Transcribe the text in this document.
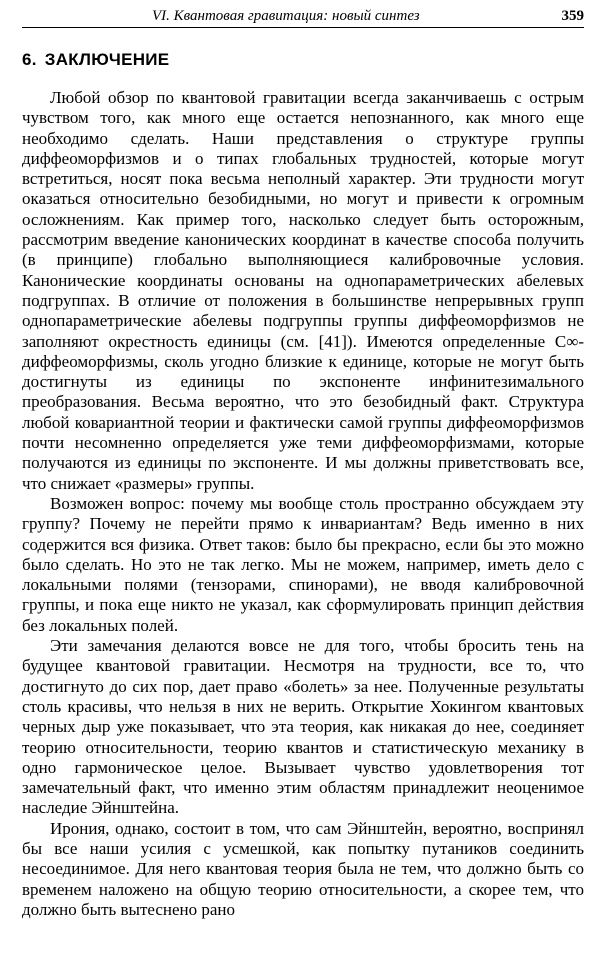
VI. Квантовая гравитация: новый синтез	359
6. ЗАКЛЮЧЕНИЕ

Любой обзор по квантовой гравитации всегда заканчиваешь с острым чувством того, как много еще остается непознанного, как много еще необходимо сделать. Наши представления о структуре группы диффеоморфизмов и о типах глобальных трудностей, которые могут встретиться, носят пока весьма неполный характер. Эти трудности могут оказаться относительно безобидными, но могут и привести к огромным осложнениям. Как пример того, насколько следует быть осторожным, рассмотрим введение канонических координат в качестве способа получить (в принципе) глобально выполняющиеся калибровочные условия. Канонические координаты основаны на однопараметрических абелевых подгруппах. В отличие от положения в большинстве непрерывных групп однопараметрические абелевы подгруппы группы диффеоморфизмов не заполняют окрестность единицы (см. [41]). Имеются определенные C∞-диффеоморфизмы, сколь угодно близкие к единице, которые не могут быть достигнуты из единицы по экспоненте инфинитезимального преобразования. Весьма вероятно, что это безобидный факт. Структура любой ковариантной теории и фактически самой группы диффеоморфизмов почти несомненно определяется уже теми диффеоморфизмами, которые получаются из единицы по экспоненте. И мы должны приветствовать все, что снижает «размеры» группы.

Возможен вопрос: почему мы вообще столь пространно обсуждаем эту группу? Почему не перейти прямо к инвариантам? Ведь именно в них содержится вся физика. Ответ таков: было бы прекрасно, если бы это можно было сделать. Но это не так легко. Мы не можем, например, иметь дело с локальными полями (тензорами, спинорами), не вводя калибровочной группы, и пока еще никто не указал, как сформулировать принцип действия без локальных полей.

Эти замечания делаются вовсе не для того, чтобы бросить тень на будущее квантовой гравитации. Несмотря на трудности, все то, что достигнуто до сих пор, дает право «болеть» за нее. Полученные результаты столь красивы, что нельзя в них не верить. Открытие Хокингом квантовых черных дыр уже показывает, что эта теория, как никакая до нее, соединяет теорию относительности, теорию квантов и статистическую механику в одно гармоническое целое. Вызывает чувство удовлетворения тот замечательный факт, что именно этим областям принадлежит неоценимое наследие Эйнштейна.

Ирония, однако, состоит в том, что сам Эйнштейн, вероятно, воспринял бы все наши усилия с усмешкой, как попытку путаников соединить несоединимое. Для него квантовая теория была не тем, что должно быть со временем наложено на общую теорию относительности, а скорее тем, что должно быть вытеснено рано
